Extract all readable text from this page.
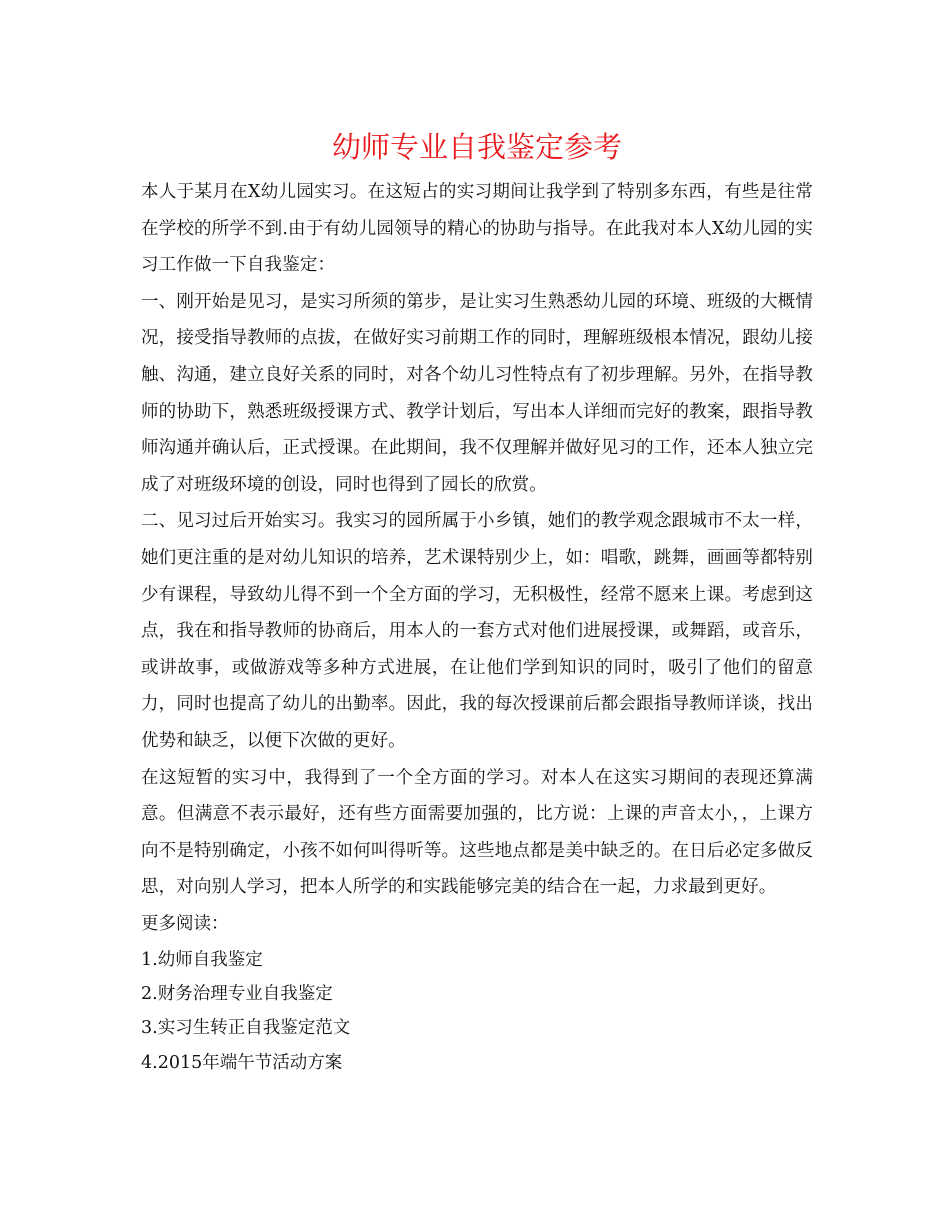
幼师专业自我鉴定参考

本人于某月在X幼儿园实习。在这短占的实习期间让我学到了特别多东西，有些是往常在学校的所学不到.由于有幼儿园领导的精心的协助与指导。在此我对本人X幼儿园的实习工作做一下自我鉴定：

一、刚开始是见习，是实习所须的第步，是让实习生熟悉幼儿园的环境、班级的大概情况，接受指导教师的点拔，在做好实习前期工作的同时，理解班级根本情况，跟幼儿接触、沟通，建立良好关系的同时，对各个幼儿习性特点有了初步理解。另外，在指导教师的协助下，熟悉班级授课方式、教学计划后，写出本人详细而完好的教案，跟指导教师沟通并确认后，正式授课。在此期间，我不仅理解并做好见习的工作，还本人独立完成了对班级环境的创设，同时也得到了园长的欣赏。

二、见习过后开始实习。我实习的园所属于小乡镇，她们的教学观念跟城市不太一样，她们更注重的是对幼儿知识的培养，艺术课特别少上，如：唱歌，跳舞，画画等都特别少有课程，导致幼儿得不到一个全方面的学习，无积极性，经常不愿来上课。考虑到这点，我在和指导教师的协商后，用本人的一套方式对他们进展授课，或舞蹈，或音乐，或讲故事，或做游戏等多种方式进展，在让他们学到知识的同时，吸引了他们的留意力，同时也提高了幼儿的出勤率。因此，我的每次授课前后都会跟指导教师详谈，找出优势和缺乏，以便下次做的更好。

在这短暂的实习中，我得到了一个全方面的学习。对本人在这实习期间的表现还算满意。但满意不表示最好，还有些方面需要加强的，比方说：上课的声音太小，，上课方向不是特别确定，小孩不如何叫得听等。这些地点都是美中缺乏的。在日后必定多做反思，对向别人学习，把本人所学的和实践能够完美的结合在一起，力求最到更好。

更多阅读：

1.幼师自我鉴定
2.财务治理专业自我鉴定
3.实习生转正自我鉴定范文
4.2015年端午节活动方案
